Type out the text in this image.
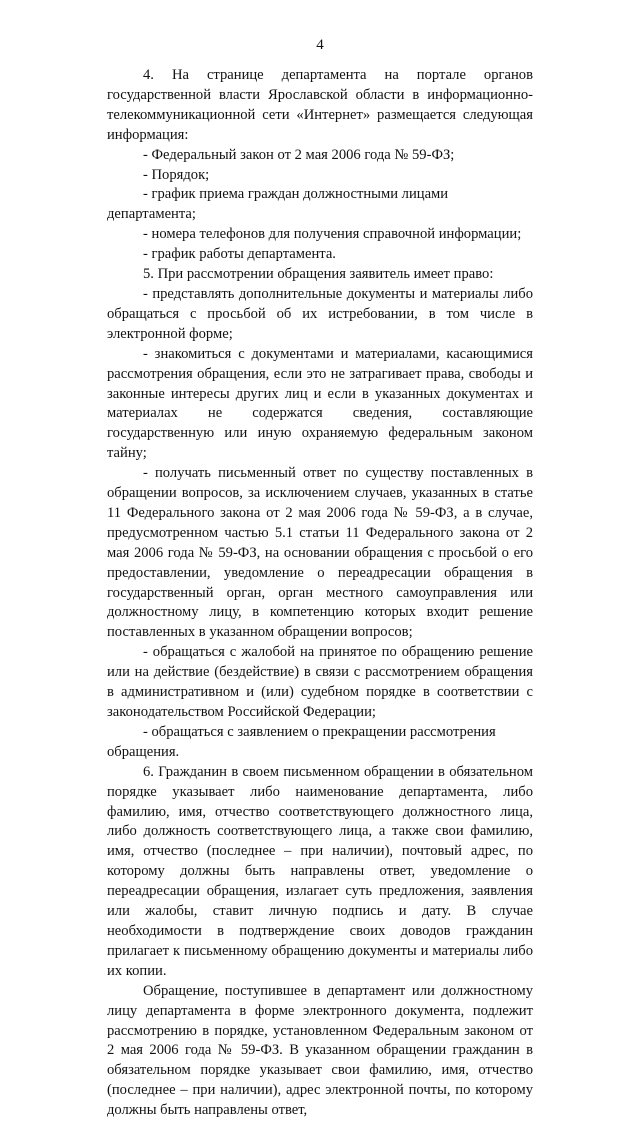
4

4. На странице департамента на портале органов государственной власти Ярославской области в информационно-телекоммуникационной сети «Интернет» размещается следующая информация:

- Федеральный закон от 2 мая 2006 года № 59-ФЗ;

- Порядок;

- график приема граждан должностными лицами департамента;

- номера телефонов для получения справочной информации;

- график работы департамента.

5. При рассмотрении обращения заявитель имеет право:

- представлять дополнительные документы и материалы либо обращаться с просьбой об их истребовании, в том числе в электронной форме;

- знакомиться с документами и материалами, касающимися рассмотрения обращения, если это не затрагивает права, свободы и законные интересы других лиц и если в указанных документах и материалах не содержатся сведения, составляющие государственную или иную охраняемую федеральным законом тайну;

- получать письменный ответ по существу поставленных в обращении вопросов, за исключением случаев, указанных в статье 11 Федерального закона от 2 мая 2006 года № 59-ФЗ, а в случае, предусмотренном частью 5.1 статьи 11 Федерального закона от 2 мая 2006 года № 59-ФЗ, на основании обращения с просьбой о его предоставлении, уведомление о переадресации обращения в государственный орган, орган местного самоуправления или должностному лицу, в компетенцию которых входит решение поставленных в указанном обращении вопросов;

- обращаться с жалобой на принятое по обращению решение или на действие (бездействие) в связи с рассмотрением обращения в административном и (или) судебном порядке в соответствии с законодательством Российской Федерации;

- обращаться с заявлением о прекращении рассмотрения обращения.

6. Гражданин в своем письменном обращении в обязательном порядке указывает либо наименование департамента, либо фамилию, имя, отчество соответствующего должностного лица, либо должность соответствующего лица, а также свои фамилию, имя, отчество (последнее – при наличии), почтовый адрес, по которому должны быть направлены ответ, уведомление о переадресации обращения, излагает суть предложения, заявления или жалобы, ставит личную подпись и дату. В случае необходимости в подтверждение своих доводов гражданин прилагает к письменному обращению документы и материалы либо их копии.

Обращение, поступившее в департамент или должностному лицу департамента в форме электронного документа, подлежит рассмотрению в порядке, установленном Федеральным законом от 2 мая 2006 года № 59-ФЗ. В указанном обращении гражданин в обязательном порядке указывает свои фамилию, имя, отчество (последнее – при наличии), адрес электронной почты, по которому должны быть направлены ответ,
